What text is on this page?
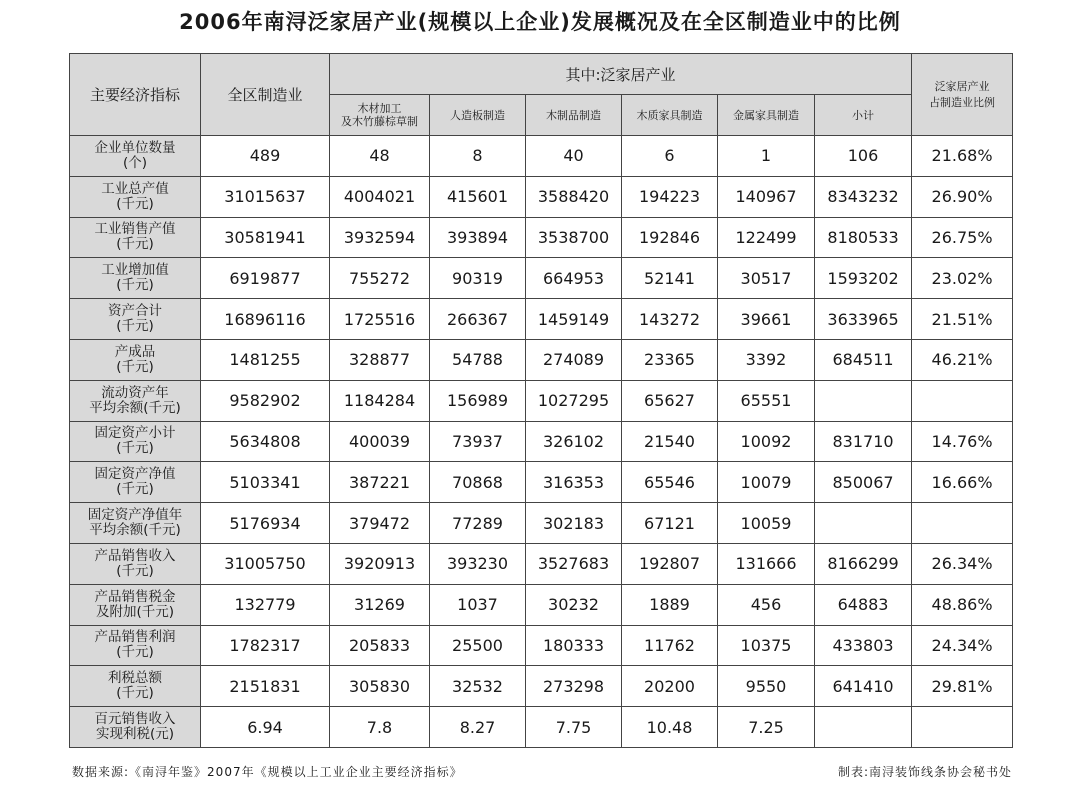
2006年南浔泛家居产业(规模以上企业)发展概况及在全区制造业中的比例
主要经济指标	全区制造业	其中:泛家居产业						泛家居产业
占制造业比例

		木材加工
及木竹藤棕草制	人造板制造	木制品制造	木质家具制造	金属家具制造	小计	

企业单位数量
(个)	489	48	8	40	6	1	106	21.68%

工业总产值
(千元)	31015637	4004021	415601	3588420	194223	140967	8343232	26.90%

工业销售产值
(千元)	30581941	3932594	393894	3538700	192846	122499	8180533	26.75%

工业增加值
(千元)	6919877	755272	90319	664953	52141	30517	1593202	23.02%

资产合计
(千元)	16896116	1725516	266367	1459149	143272	39661	3633965	21.51%

产成品
(千元)	1481255	328877	54788	274089	23365	3392	684511	46.21%

流动资产年
平均余额(千元)	9582902	1184284	156989	1027295	65627	65551		

固定资产小计
(千元)	5634808	400039	73937	326102	21540	10092	831710	14.76%

固定资产净值
(千元)	5103341	387221	70868	316353	65546	10079	850067	16.66%

固定资产净值年
平均余额(千元)	5176934	379472	77289	302183	67121	10059		

产品销售收入
(千元)	31005750	3920913	393230	3527683	192807	131666	8166299	26.34%

产品销售税金
及附加(千元)	132779	31269	1037	30232	1889	456	64883	48.86%

产品销售利润
(千元)	1782317	205833	25500	180333	11762	10375	433803	24.34%

利税总额
(千元)	2151831	305830	32532	273298	20200	9550	641410	29.81%

百元销售收入
实现利税(元)	6.94	7.8	8.27	7.75	10.48	7.25		
数据来源:《南浔年鉴》2007年《规模以上工业企业主要经济指标》	制表:南浔装饰线条协会秘书处
